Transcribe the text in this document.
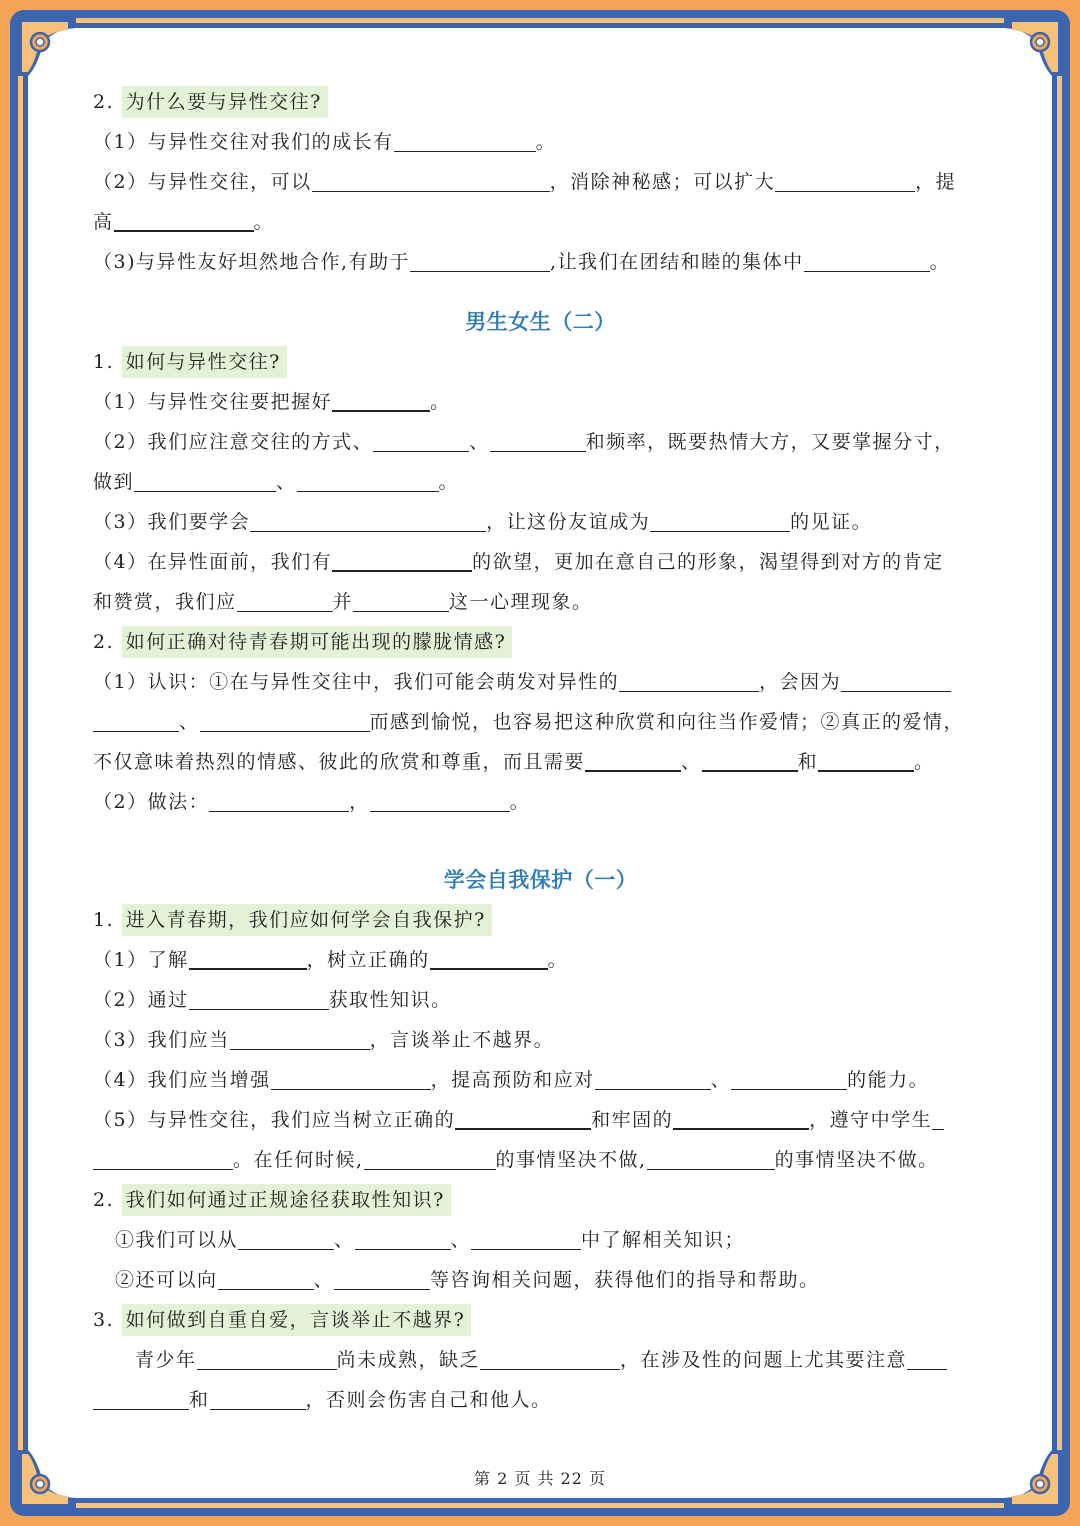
2. 为什么要与异性交往?
（1）与异性交往对我们的成长有	。
（2）与异性交往，可以	，消除神秘感；可以扩大	，提
高	。
（3)与异性友好坦然地合作,有助于	,让我们在团结和睦的集体中	。
男生女生（二）
1. 如何与异性交往?
（1）与异性交往要把握好	。
（2）我们应注意交往的方式、	、	和频率，既要热情大方，又要掌握分寸，
做到	、	。
（3）我们要学会	，让这份友谊成为	的见证。
（4）在异性面前，我们有	的欲望，更加在意自己的形象，渴望得到对方的肯定
和赞赏，我们应	并	这一心理现象。
2. 如何正确对待青春期可能出现的朦胧情感?
（1）认识：①在与异性交往中，我们可能会萌发对异性的	，会因为
、	而感到愉悦，也容易把这种欣赏和向往当作爱情；②真正的爱情，
不仅意味着热烈的情感、彼此的欣赏和尊重，而且需要	、	和	。
（2）做法：	，	。
学会自我保护（一）
1. 进入青春期，我们应如何学会自我保护?
（1）了解	，树立正确的	。
（2）通过	获取性知识。
（3）我们应当	，言谈举止不越界。
（4）我们应当增强	，提高预防和应对	、	的能力。
（5）与异性交往，我们应当树立正确的	和牢固的	，遵守中学生
。在任何时候,	的事情坚决不做,	的事情坚决不做。
2. 我们如何通过正规途径获取性知识?
①我们可以从	、	、	中了解相关知识；
②还可以向	、	等咨询相关问题，获得他们的指导和帮助。
3. 如何做到自重自爱，言谈举止不越界?
青少年	尚未成熟，缺乏	，在涉及性的问题上尤其要注意
和	，否则会伤害自己和他人。
第 2 页 共 22 页
